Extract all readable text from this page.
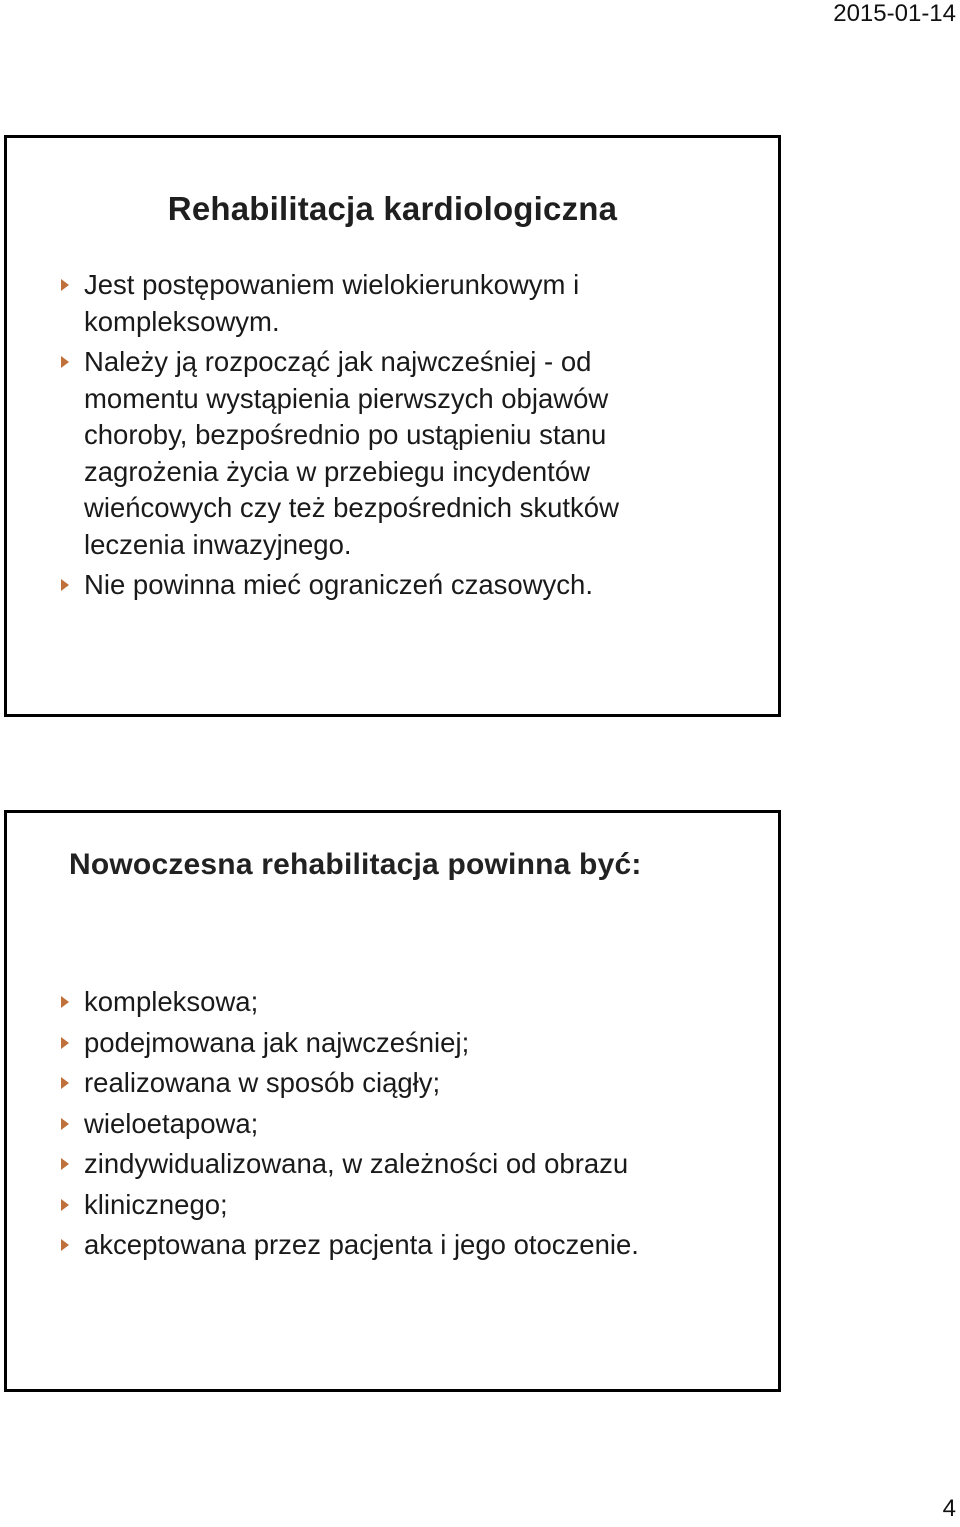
2015-01-14
Rehabilitacja kardiologiczna
Jest postępowaniem wielokierunkowym i kompleksowym.
Należy ją rozpocząć jak najwcześniej - od momentu wystąpienia pierwszych objawów choroby, bezpośrednio po ustąpieniu stanu zagrożenia życia w przebiegu incydentów wieńcowych czy też bezpośrednich skutków leczenia inwazyjnego.
Nie powinna mieć ograniczeń czasowych.
Nowoczesna rehabilitacja powinna być:
kompleksowa;
podejmowana jak najwcześniej;
realizowana w sposób ciągły;
wieloetapowa;
zindywidualizowana, w zależności od obrazu
klinicznego;
akceptowana przez pacjenta i jego otoczenie.
4
